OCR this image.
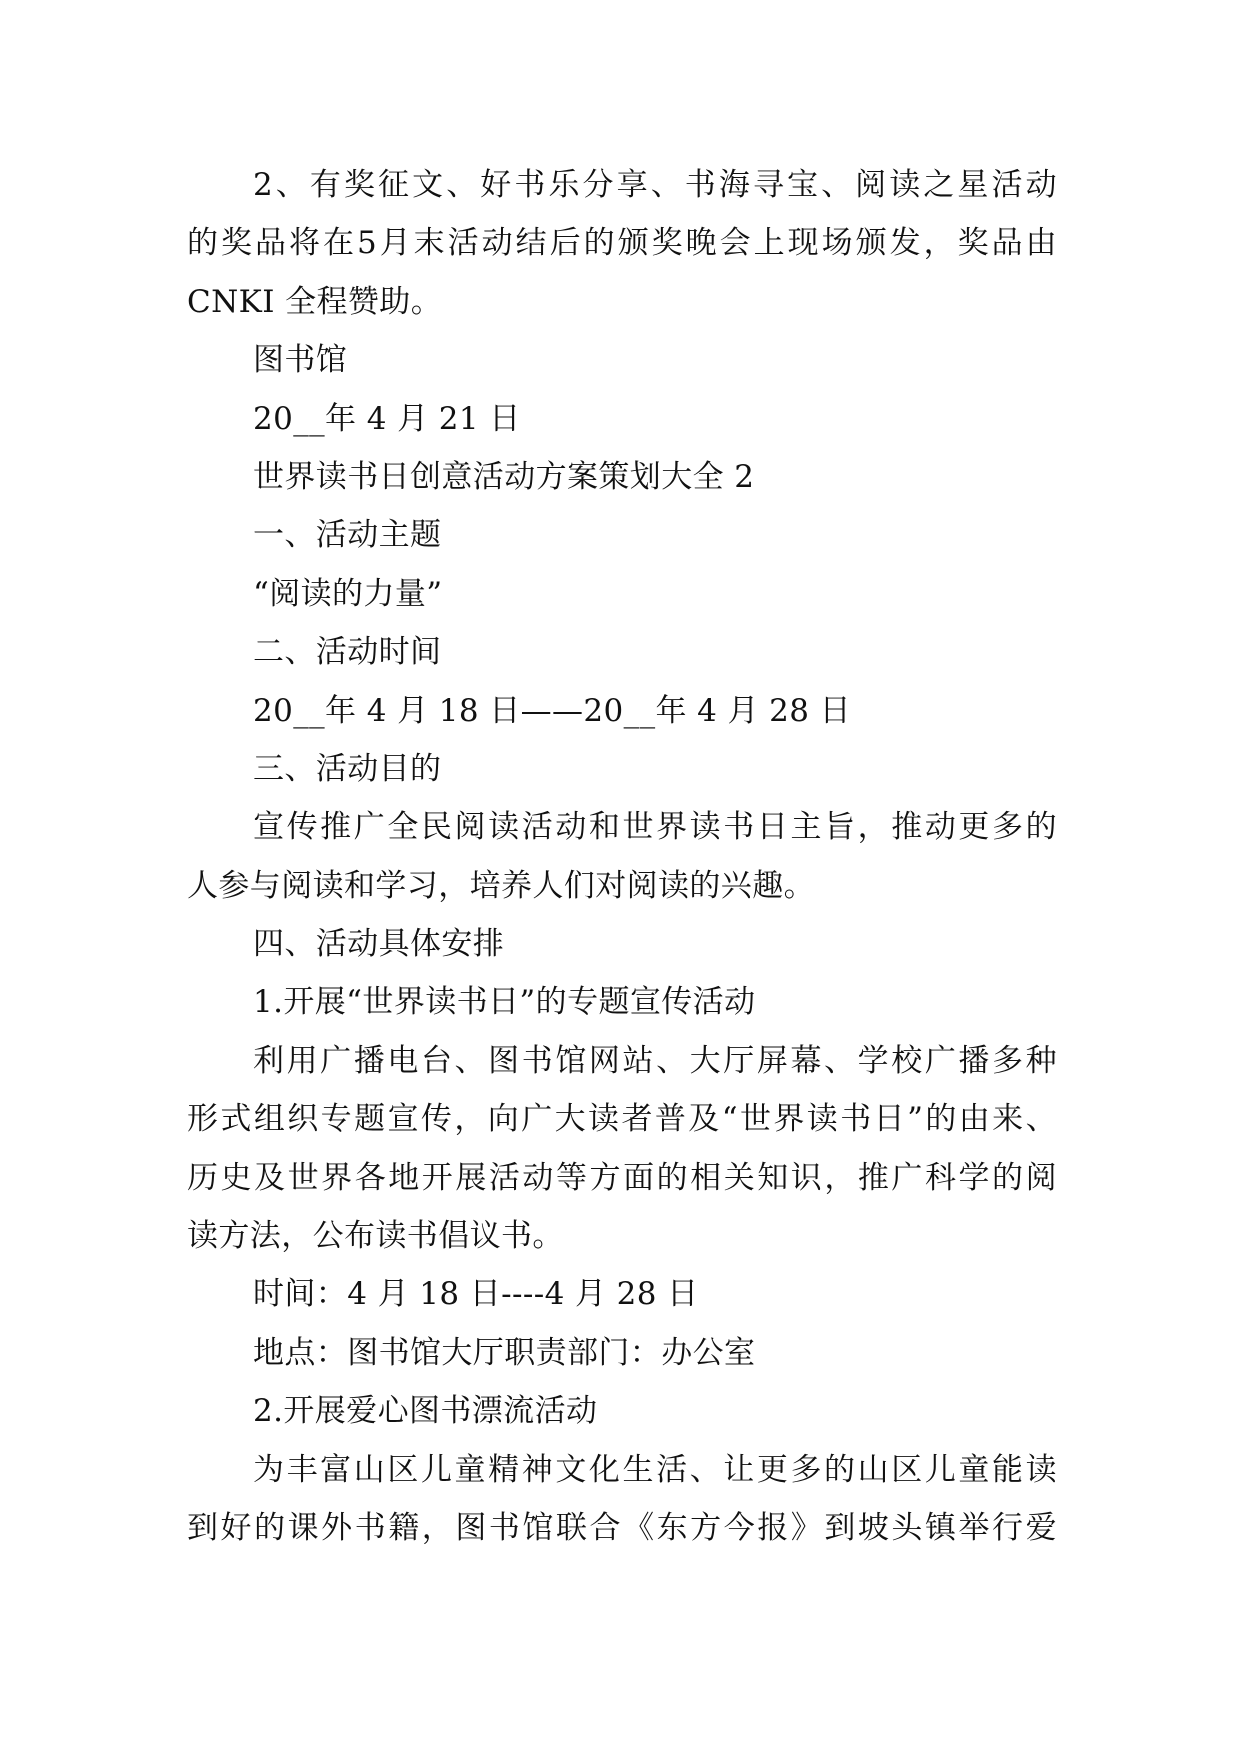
2、有奖征文、好书乐分享、书海寻宝、阅读之星活动
的奖品将在5月末活动结后的颁奖晚会上现场颁发，奖品由
CNKI 全程赞助。
图书馆
20__年 4 月 21 日
世界读书日创意活动方案策划大全 2
一、活动主题
“阅读的力量”
二、活动时间
20__年 4 月 18 日——20__年 4 月 28 日
三、活动目的
宣传推广全民阅读活动和世界读书日主旨，推动更多的
人参与阅读和学习，培养人们对阅读的兴趣。
四、活动具体安排
1.开展“世界读书日”的专题宣传活动
利用广播电台、图书馆网站、大厅屏幕、学校广播多种
形式组织专题宣传，向广大读者普及“世界读书日”的由来、
历史及世界各地开展活动等方面的相关知识，推广科学的阅
读方法，公布读书倡议书。
时间：4 月 18 日----4 月 28 日
地点：图书馆大厅职责部门：办公室
2.开展爱心图书漂流活动
为丰富山区儿童精神文化生活、让更多的山区儿童能读
到好的课外书籍，图书馆联合《东方今报》到坡头镇举行爱
